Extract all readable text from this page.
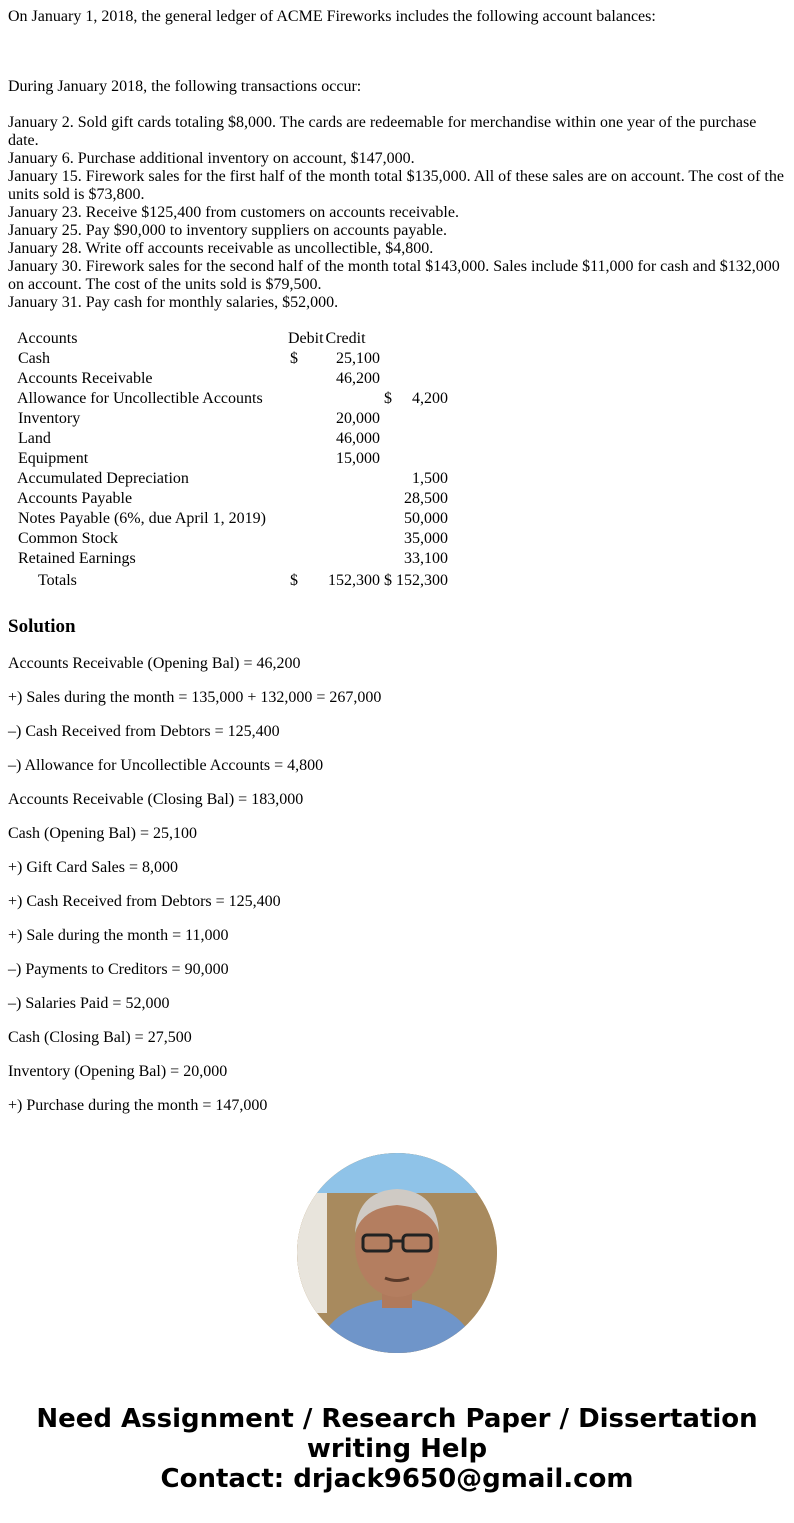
On January 1, 2018, the general ledger of ACME Fireworks includes the following account balances:

During January 2018, the following transactions occur:

January 2. Sold gift cards totaling $8,000. The cards are redeemable for merchandise within one year of the purchase date.

January 6. Purchase additional inventory on account, $147,000.

January 15. Firework sales for the first half of the month total $135,000. All of these sales are on account. The cost of the units sold is $73,800.

January 23. Receive $125,400 from customers on accounts receivable.

January 25. Pay $90,000 to inventory suppliers on accounts payable.

January 28. Write off accounts receivable as uncollectible, $4,800.

January 30. Firework sales for the second half of the month total $143,000. Sales include $11,000 for cash and $132,000 on account. The cost of the units sold is $79,500.

January 31. Pay cash for monthly salaries, $52,000.

Accounts	Debit Credit			
Cash	$	25,100		
Accounts Receivable		46,200		
Allowance for Uncollectible Accounts			$	4,200
Inventory		20,000		
Land		46,000		
Equipment		15,000		
Accumulated Depreciation				1,500
Accounts Payable				28,500
Notes Payable (6%, due April 1, 2019)				50,000
Common Stock				35,000
Retained Earnings				33,100
Totals	$	152,300	$	152,300
Solution

Accounts Receivable (Opening Bal) = 46,200

+) Sales during the month = 135,000 + 132,000 = 267,000

–) Cash Received from Debtors = 125,400

–) Allowance for Uncollectible Accounts = 4,800

Accounts Receivable (Closing Bal) = 183,000

Cash (Opening Bal) = 25,100

+) Gift Card Sales = 8,000

+) Cash Received from Debtors = 125,400

+) Sale during the month = 11,000

–) Payments to Creditors = 90,000

–) Salaries Paid = 52,000

Cash (Closing Bal) = 27,500

Inventory (Opening Bal) = 20,000

+) Purchase during the month = 147,000

Need Assignment / Research Paper / Dissertation writing Help
Contact: drjack9650@gmail.com
